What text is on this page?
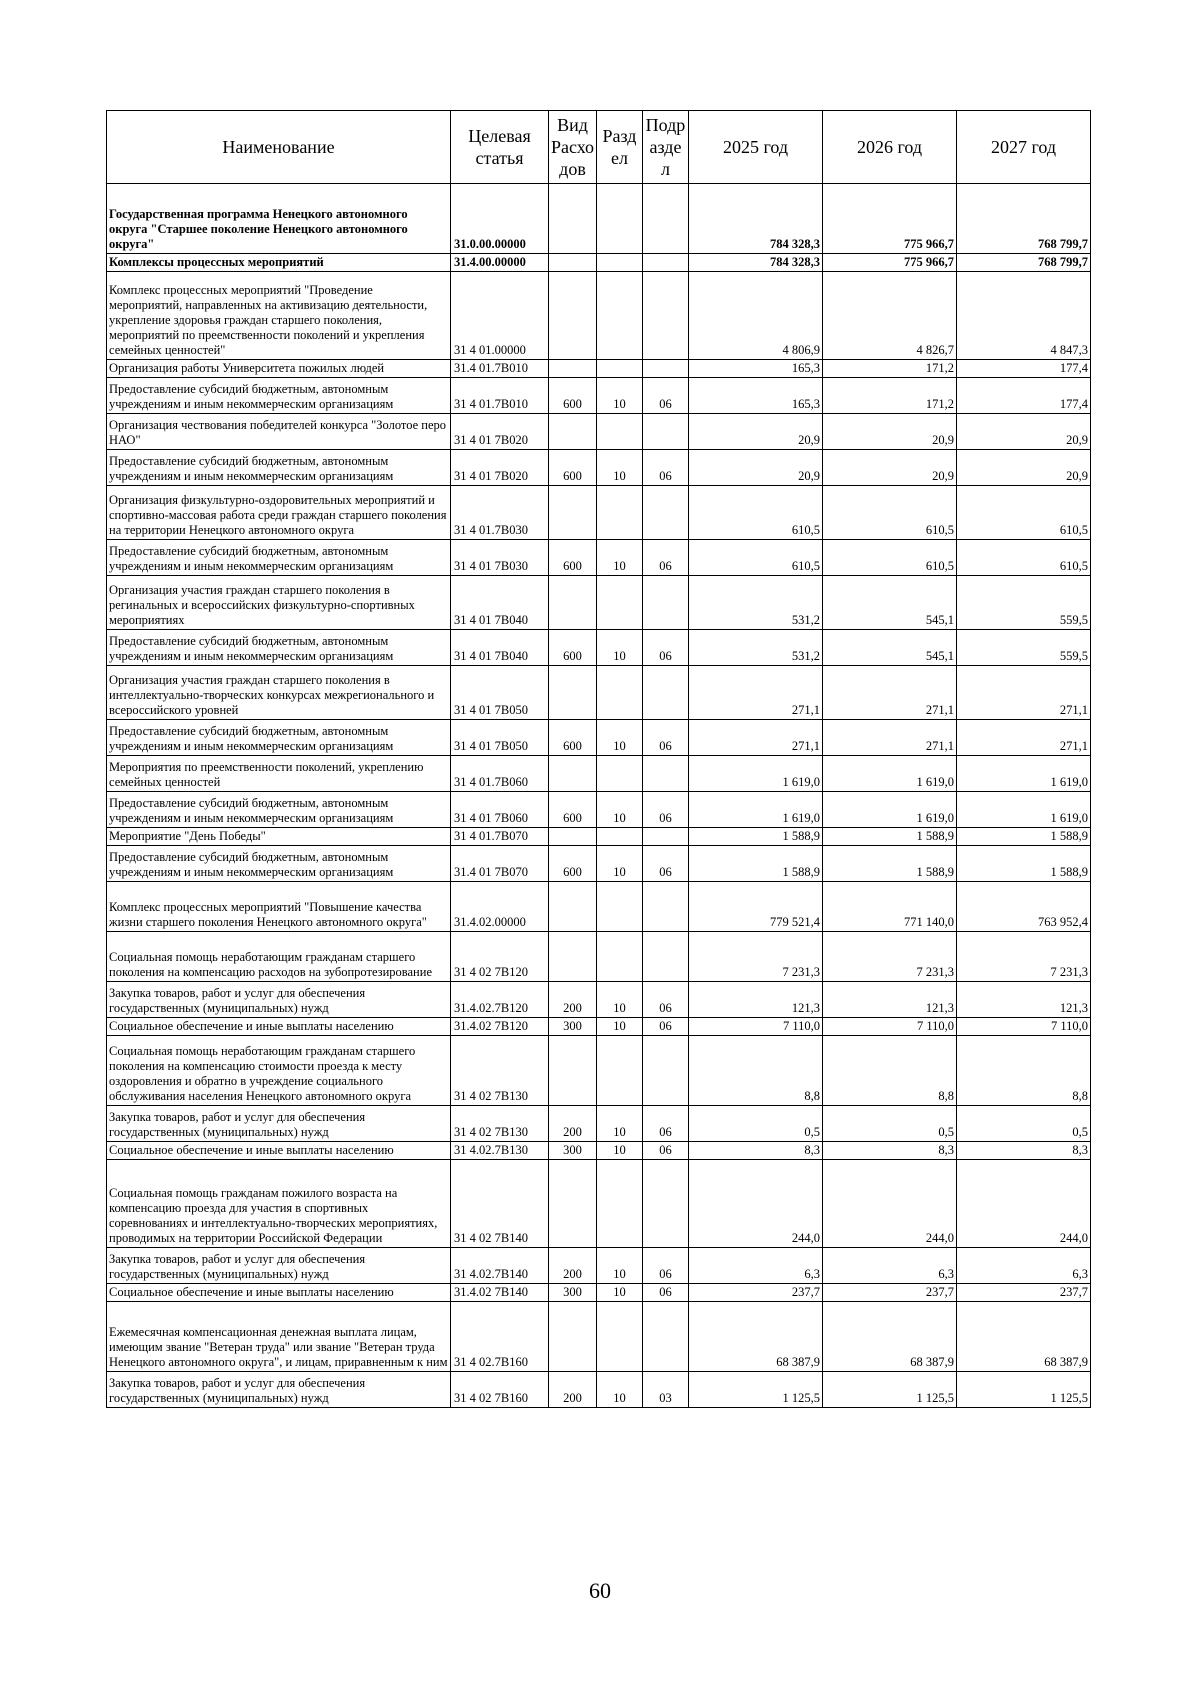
Наименование	Целевая статья	Вид Расхо дов	Разд ел	Подр азде л	2025 год	2026 год	2027 год
Государственная программа Ненецкого автономного округа "Старшее поколение Ненецкого автономного округа"	31.0.00.00000				784 328,3	775 966,7	768 799,7
Комплексы процессных мероприятий	31.4.00.00000				784 328,3	775 966,7	768 799,7
Комплекс процессных мероприятий "Проведение мероприятий, направленных на активизацию деятельности, укрепление здоровья граждан старшего поколения, мероприятий по преемственности поколений и укрепления семейных ценностей"	31 4 01.00000				4 806,9	4 826,7	4 847,3
Организация работы Университета пожилых людей	31.4 01.7В010				165,3	171,2	177,4
Предоставление субсидий бюджетным, автономным учреждениям и иным некоммерческим организациям	31 4 01.7В010	600	10	06	165,3	171,2	177,4
Организация чествования победителей конкурса "Золотое перо НАО"	31 4 01 7В020				20,9	20,9	20,9
Предоставление субсидий бюджетным, автономным учреждениям и иным некоммерческим организациям	31 4 01 7В020	600	10	06	20,9	20,9	20,9
Организация физкультурно-оздоровительных мероприятий и спортивно-массовая работа среди граждан старшего поколения на территории Ненецкого автономного округа	31 4 01.7В030				610,5	610,5	610,5
Предоставление субсидий бюджетным, автономным учреждениям и иным некоммерческим организациям	31 4 01 7В030	600	10	06	610,5	610,5	610,5
Организация участия граждан старшего поколения в регинальных и всероссийских физкультурно-спортивных мероприятиях	31 4 01 7В040				531,2	545,1	559,5
Предоставление субсидий бюджетным, автономным учреждениям и иным некоммерческим организациям	31 4 01 7В040	600	10	06	531,2	545,1	559,5
Организация участия граждан старшего поколения в интеллектуально-творческих конкурсах межрегионального и всероссийского уровней	31 4 01 7В050				271,1	271,1	271,1
Предоставление субсидий бюджетным, автономным учреждениям и иным некоммерческим организациям	31 4 01 7В050	600	10	06	271,1	271,1	271,1
Мероприятия по преемственности поколений, укреплению семейных ценностей	31 4 01.7В060				1 619,0	1 619,0	1 619,0
Предоставление субсидий бюджетным, автономным учреждениям и иным некоммерческим организациям	31 4 01 7В060	600	10	06	1 619,0	1 619,0	1 619,0
Мероприятие "День Победы"	31 4 01.7В070				1 588,9	1 588,9	1 588,9
Предоставление субсидий бюджетным, автономным учреждениям и иным некоммерческим организациям	31.4 01 7В070	600	10	06	1 588,9	1 588,9	1 588,9
Комплекс процессных мероприятий "Повышение качества жизни старшего поколения Ненецкого автономного округа"	31.4.02.00000				779 521,4	771 140,0	763 952,4
Социальная помощь неработающим гражданам старшего поколения на компенсацию расходов на зубопротезирование	31 4 02 7В120				7 231,3	7 231,3	7 231,3
Закупка товаров, работ и услуг для обеспечения государственных (муниципальных) нужд	31.4.02.7В120	200	10	06	121,3	121,3	121,3
Социальное обеспечение и иные выплаты населению	31.4.02 7В120	300	10	06	7 110,0	7 110,0	7 110,0
Социальная помощь неработающим гражданам старшего поколения на компенсацию стоимости проезда к месту оздоровления и обратно в учреждение социального обслуживания населения Ненецкого автономного округа	31 4 02 7В130				8,8	8,8	8,8
Закупка товаров, работ и услуг для обеспечения государственных (муниципальных) нужд	31 4 02 7В130	200	10	06	0,5	0,5	0,5
Социальное обеспечение и иные выплаты населению	31 4.02.7В130	300	10	06	8,3	8,3	8,3
Социальная помощь гражданам пожилого возраста на компенсацию проезда для участия в спортивных соревнованиях и интеллектуально-творческих мероприятиях, проводимых на территории Российской Федерации	31 4 02 7В140				244,0	244,0	244,0
Закупка товаров, работ и услуг для обеспечения государственных (муниципальных) нужд	31 4.02.7В140	200	10	06	6,3	6,3	6,3
Социальное обеспечение и иные выплаты населению	31.4.02 7В140	300	10	06	237,7	237,7	237,7
Ежемесячная компенсационная денежная выплата лицам, имеющим звание "Ветеран труда" или звание "Ветеран труда Ненецкого автономного округа", и лицам, приравненным к ним	31 4 02.7В160				68 387,9	68 387,9	68 387,9
Закупка товаров, работ и услуг для обеспечения государственных (муниципальных) нужд	31 4 02 7В160	200	10	03	1 125,5	1 125,5	1 125,5
60
